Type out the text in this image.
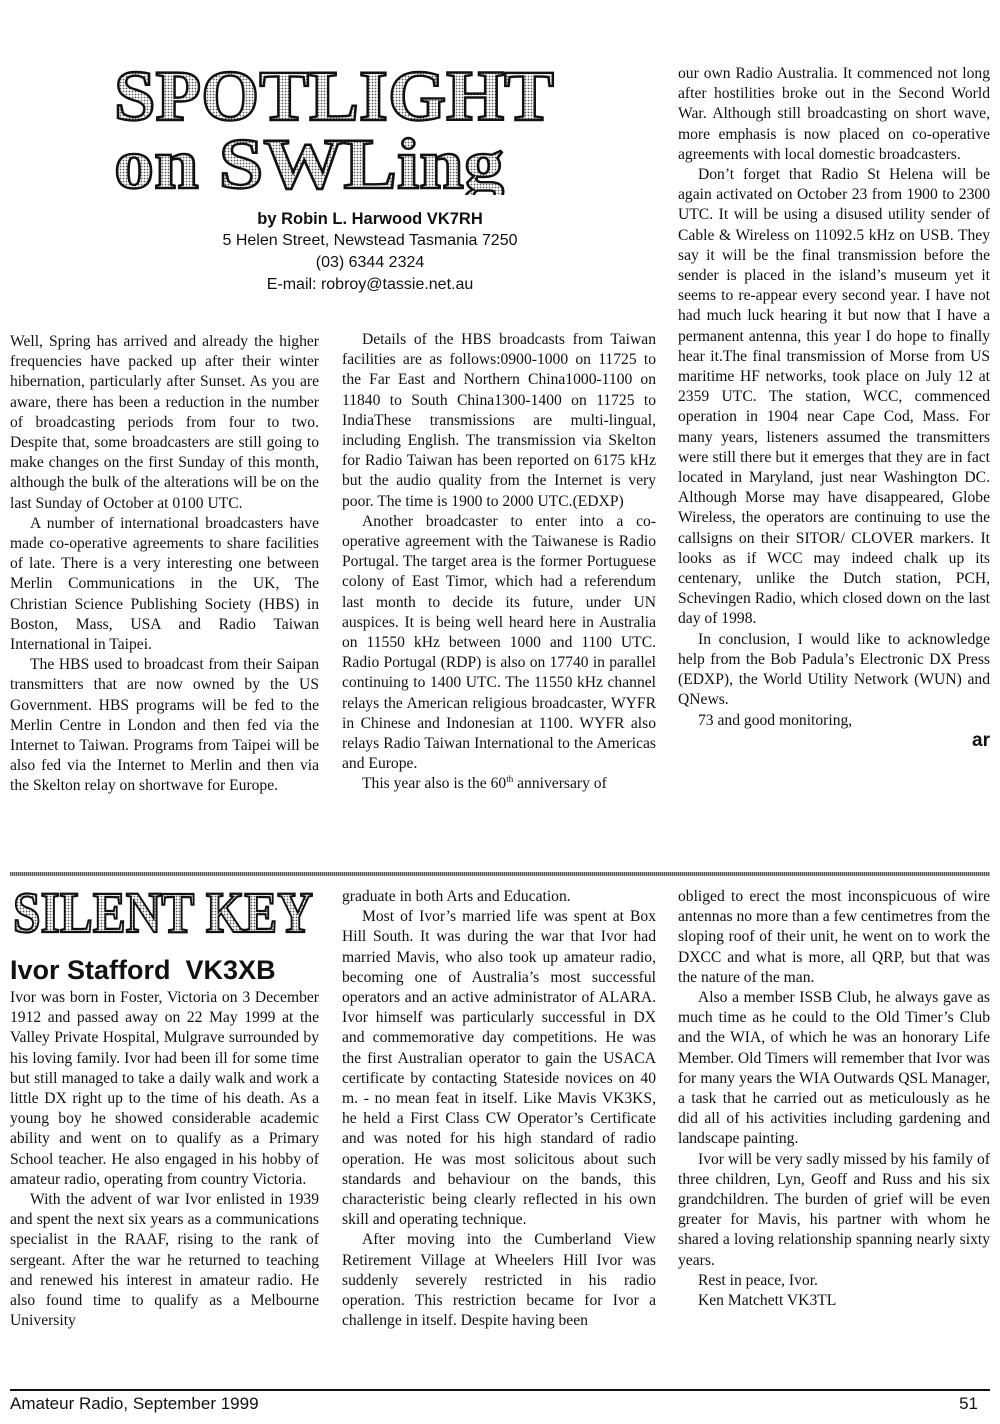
SPOTLIGHT
on SWLing
by Robin L. Harwood VK7RH
5 Helen Street, Newstead Tasmania 7250
(03) 6344 2324
E-mail: robroy@tassie.net.au

Well, Spring has arrived and already the higher frequencies have packed up after their winter hibernation, particularly after Sunset. As you are aware, there has been a reduction in the number of broadcasting periods from four to two. Despite that, some broadcasters are still going to make changes on the first Sunday of this month, although the bulk of the alterations will be on the last Sunday of October at 0100 UTC.

A number of international broadcasters have made co-operative agreements to share facilities of late. There is a very interesting one between Merlin Communications in the UK, The Christian Science Publishing Society (HBS) in Boston, Mass, USA and Radio Taiwan International in Taipei.

The HBS used to broadcast from their Saipan transmitters that are now owned by the US Government. HBS programs will be fed to the Merlin Centre in London and then fed via the Internet to Taiwan. Programs from Taipei will be also fed via the Internet to Merlin and then via the Skelton relay on shortwave for Europe.

Details of the HBS broadcasts from Taiwan facilities are as follows:0900-1000 on 11725 to the Far East and Northern China1000-1100 on 11840 to South China1300-1400 on 11725 to IndiaThese transmissions are multi-lingual, including English. The transmission via Skelton for Radio Taiwan has been reported on 6175 kHz but the audio quality from the Internet is very poor. The time is 1900 to 2000 UTC.(EDXP)

Another broadcaster to enter into a co-operative agreement with the Taiwanese is Radio Portugal. The target area is the former Portuguese colony of East Timor, which had a referendum last month to decide its future, under UN auspices. It is being well heard here in Australia on 11550 kHz between 1000 and 1100 UTC. Radio Portugal (RDP) is also on 17740 in parallel continuing to 1400 UTC. The 11550 kHz channel relays the American religious broadcaster, WYFR in Chinese and Indonesian at 1100. WYFR also relays Radio Taiwan International to the Americas and Europe.

This year also is the 60th anniversary of

our own Radio Australia. It commenced not long after hostilities broke out in the Second World War. Although still broadcasting on short wave, more emphasis is now placed on co-operative agreements with local domestic broadcasters.

Don’t forget that Radio St Helena will be again activated on October 23 from 1900 to 2300 UTC. It will be using a disused utility sender of Cable & Wireless on 11092.5 kHz on USB. They say it will be the final transmission before the sender is placed in the island’s museum yet it seems to re-appear every second year. I have not had much luck hearing it but now that I have a permanent antenna, this year I do hope to finally hear it.The final transmission of Morse from US maritime HF networks, took place on July 12 at 2359 UTC. The station, WCC, commenced operation in 1904 near Cape Cod, Mass. For many years, listeners assumed the transmitters were still there but it emerges that they are in fact located in Maryland, just near Washington DC. Although Morse may have disappeared, Globe Wireless, the operators are continuing to use the callsigns on their SITOR/ CLOVER markers. It looks as if WCC may indeed chalk up its centenary, unlike the Dutch station, PCH, Schevingen Radio, which closed down on the last day of 1998.

In conclusion, I would like to acknowledge help from the Bob Padula’s Electronic DX Press (EDXP), the World Utility Network (WUN) and QNews.

73 and good monitoring,

ar

SILENT KEY
Ivor Stafford VK3XB

Ivor was born in Foster, Victoria on 3 December 1912 and passed away on 22 May 1999 at the Valley Private Hospital, Mulgrave surrounded by his loving family. Ivor had been ill for some time but still managed to take a daily walk and work a little DX right up to the time of his death. As a young boy he showed considerable academic ability and went on to qualify as a Primary School teacher. He also engaged in his hobby of amateur radio, operating from country Victoria.

With the advent of war Ivor enlisted in 1939 and spent the next six years as a communications specialist in the RAAF, rising to the rank of sergeant. After the war he returned to teaching and renewed his interest in amateur radio. He also found time to qualify as a Melbourne University

graduate in both Arts and Education.

Most of Ivor’s married life was spent at Box Hill South. It was during the war that Ivor had married Mavis, who also took up amateur radio, becoming one of Australia’s most successful operators and an active administrator of ALARA. Ivor himself was particularly successful in DX and commemorative day competitions. He was the first Australian operator to gain the USACA certificate by contacting Stateside novices on 40 m. - no mean feat in itself. Like Mavis VK3KS, he held a First Class CW Operator’s Certificate and was noted for his high standard of radio operation. He was most solicitous about such standards and behaviour on the bands, this characteristic being clearly reflected in his own skill and operating technique.

After moving into the Cumberland View Retirement Village at Wheelers Hill Ivor was suddenly severely restricted in his radio operation. This restriction became for Ivor a challenge in itself. Despite having been

obliged to erect the most inconspicuous of wire antennas no more than a few centimetres from the sloping roof of their unit, he went on to work the DXCC and what is more, all QRP, but that was the nature of the man.

Also a member ISSB Club, he always gave as much time as he could to the Old Timer’s Club and the WIA, of which he was an honorary Life Member. Old Timers will remember that Ivor was for many years the WIA Outwards QSL Manager, a task that he carried out as meticulously as he did all of his activities including gardening and landscape painting.

Ivor will be very sadly missed by his family of three children, Lyn, Geoff and Russ and his six grandchildren. The burden of grief will be even greater for Mavis, his partner with whom he shared a loving relationship spanning nearly sixty years.

Rest in peace, Ivor.

Ken Matchett VK3TL

Amateur Radio, September 1999	51
